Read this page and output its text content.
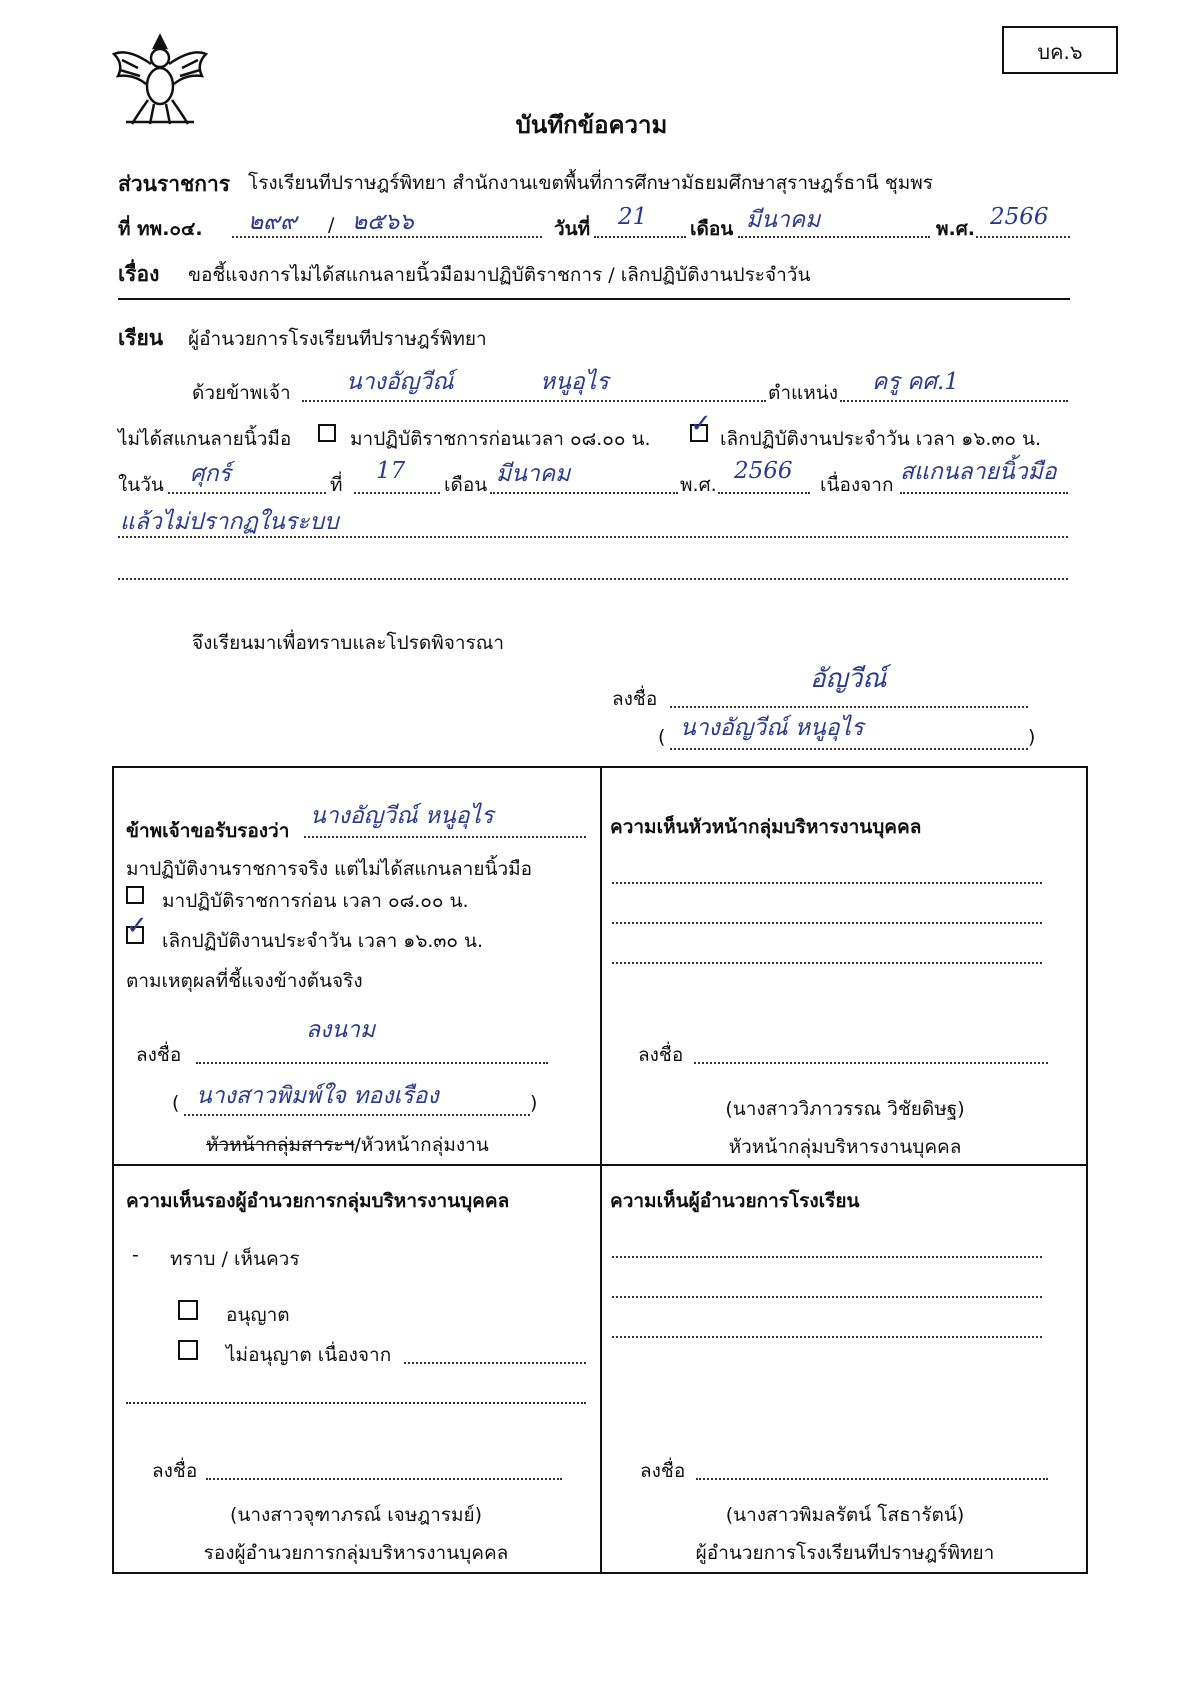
บค.๖
บันทึกข้อความ
ส่วนราชการ โรงเรียนทีปราษฎร์พิทยา สำนักงานเขตพื้นที่การศึกษามัธยมศึกษาสุราษฎร์ธานี ชุมพร
ที่ ทพ.๐๔. ๒๙๙ / ๒๕๖๖	วันที่ 21 เดือน มีนาคม	พ.ศ. 2566
เรื่อง ขอชี้แจงการไม่ได้สแกนลายนิ้วมือมาปฏิบัติราชการ / เลิกปฏิบัติงานประจำวัน
เรียน ผู้อำนวยการโรงเรียนทีปราษฎร์พิทยา
ด้วยข้าพเจ้า นางอัญวีณ์	หนูอุไร	ตำแหน่ง ครู คศ.1
ไม่ได้สแกนลายนิ้วมือ	มาปฏิบัติราชการก่อนเวลา ๐๘.๐๐ น. ✓ เลิกปฏิบัติงานประจำวัน เวลา ๑๖.๓๐ น.
ในวัน ศุกร์	ที่
17
เดือน มีนาคม	พ.ศ.
2566
เนื่องจาก สแกนลายนิ้วมือ
แล้วไม่ปรากฏในระบบ
จึงเรียนมาเพื่อทราบและโปรดพิจารณา
ลงชื่อ
อัญวีณ์
( นางอัญวีณ์ หนูอุไร	)
ข้าพเจ้าขอรับรองว่า
นางอัญวีณ์ หนูอุไร
มาปฏิบัติงานราชการจริง แต่ไม่ได้สแกนลายนิ้วมือ
มาปฏิบัติราชการก่อน เวลา ๐๘.๐๐ น.
✓ เลิกปฏิบัติงานประจำวัน เวลา ๑๖.๓๐ น.
ตามเหตุผลที่ชี้แจงข้างต้นจริง
ลงชื่อ
ลงนาม
( นางสาวพิมพ์ใจ ทองเรือง	)
หัวหน้ากลุ่มสาระฯ/หัวหน้ากลุ่มงาน
ความเห็นหัวหน้ากลุ่มบริหารงานบุคคล
ลงชื่อ
(นางสาววิภาวรรณ วิชัยดิษฐ)
หัวหน้ากลุ่มบริหารงานบุคคล
ความเห็นรองผู้อำนวยการกลุ่มบริหารงานบุคคล
- ทราบ / เห็นควร
อนุญาต
ไม่อนุญาต เนื่องจาก
ลงชื่อ
(นางสาวจุฑาภรณ์ เจษฎารมย์)
รองผู้อำนวยการกลุ่มบริหารงานบุคคล
ความเห็นผู้อำนวยการโรงเรียน
ลงชื่อ
(นางสาวพิมลรัตน์ โสธารัตน์)
ผู้อำนวยการโรงเรียนทีปราษฎร์พิทยา
